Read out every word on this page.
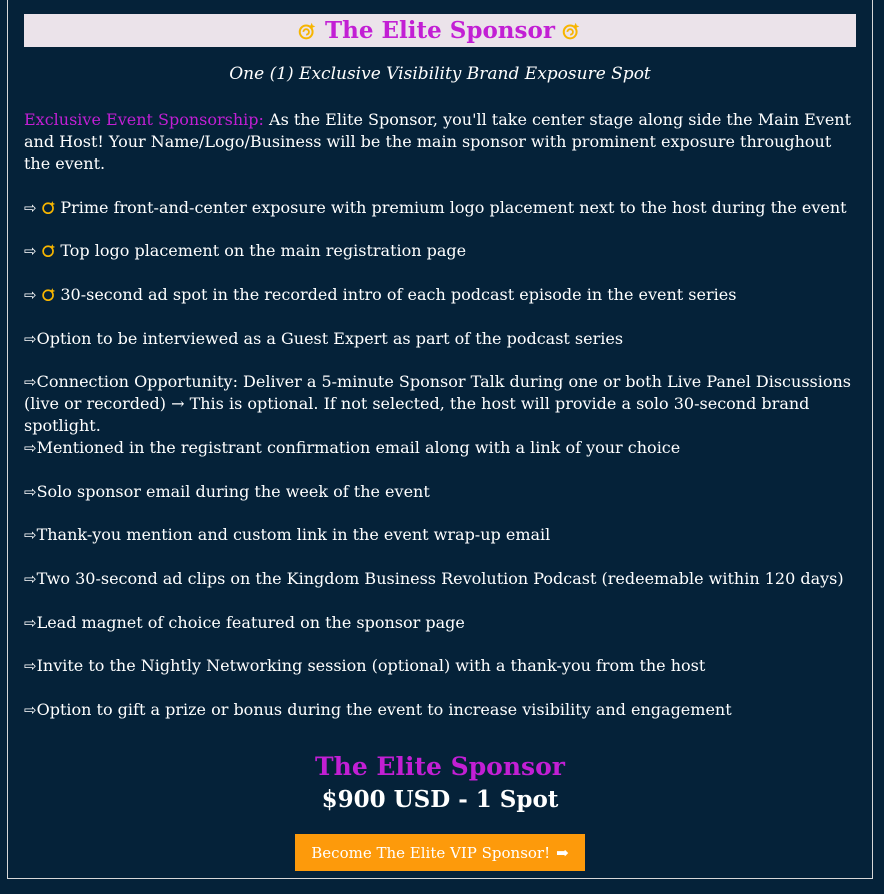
The Elite Sponsor
One (1) Exclusive Visibility Brand Exposure Spot
Exclusive Event Sponsorship: As the Elite Sponsor, you'll take center stage along side the Main Event and Host! Your Name/Logo/Business will be the main sponsor with prominent exposure throughout the event.
⇨
Prime front-and-center exposure with premium logo placement next to the host during the event
⇨
Top logo placement on the main registration page
⇨
30-second ad spot in the recorded intro of each podcast episode in the event series
⇨Option to be interviewed as a Guest Expert as part of the podcast series
⇨Connection Opportunity: Deliver a 5-minute Sponsor Talk during one or both Live Panel Discussions (live or recorded) → This is optional. If not selected, the host will provide a solo 30-second brand spotlight.
⇨Mentioned in the registrant confirmation email along with a link of your choice
⇨Solo sponsor email during the week of the event
⇨Thank-you mention and custom link in the event wrap-up email
⇨Two 30-second ad clips on the Kingdom Business Revolution Podcast (redeemable within 120 days)
⇨Lead magnet of choice featured on the sponsor page
⇨Invite to the Nightly Networking session (optional) with a thank-you from the host
⇨Option to gift a prize or bonus during the event to increase visibility and engagement
The Elite Sponsor
$900 USD - 1 Spot
Become The Elite VIP Sponsor! ➡
